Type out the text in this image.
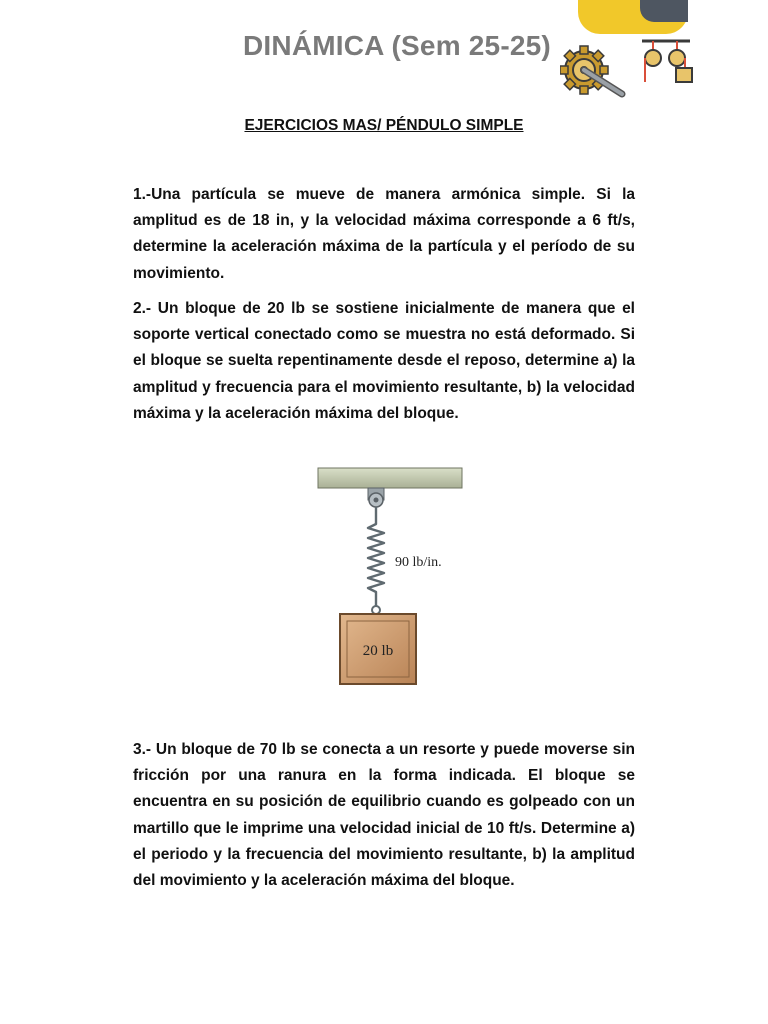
DINÁMICA (Sem 25-25)
EJERCICIOS MAS/ PÉNDULO SIMPLE
1.-Una partícula se mueve de manera armónica simple. Si la amplitud es de 18 in, y la velocidad máxima corresponde a 6 ft/s, determine la aceleración máxima de la partícula y el período de su movimiento.
2.- Un bloque de 20 lb se sostiene inicialmente de manera que el soporte vertical conectado como se muestra no está deformado. Si el bloque se suelta repentinamente desde el reposo, determine a) la amplitud y frecuencia para el movimiento resultante, b) la velocidad máxima y la aceleración máxima del bloque.
90 lb/in.
20 lb
3.- Un bloque de 70 lb se conecta a un resorte y puede moverse sin fricción por una ranura en la forma indicada. El bloque se encuentra en su posición de equilibrio cuando es golpeado con un martillo que le imprime una velocidad inicial de 10 ft/s. Determine a) el periodo y la frecuencia del movimiento resultante, b) la amplitud del movimiento y la aceleración máxima del bloque.
